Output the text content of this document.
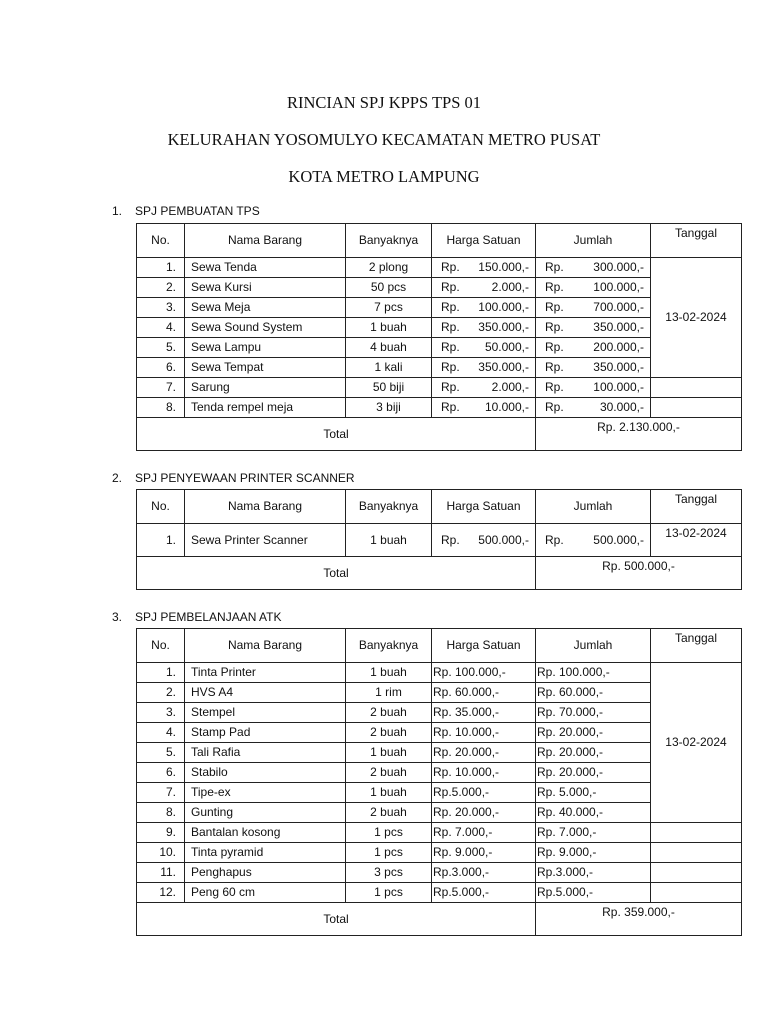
RINCIAN SPJ KPPS TPS 01
KELURAHAN YOSOMULYO KECAMATAN METRO PUSAT
KOTA METRO LAMPUNG
1. SPJ PEMBUATAN TPS
No.	Nama Barang	Banyaknya	Harga Satuan	Jumlah	Tanggal
1.	Sewa Tenda	2 plong	Rp. 150.000,-	Rp. 300.000,-	13-02-2024
2.	Sewa Kursi	50 pcs	Rp. 2.000,-	Rp. 100.000,-	

3.	Sewa Meja	7 pcs	Rp. 100.000,-	Rp. 700.000,-	

4.	Sewa Sound System	1 buah	Rp. 350.000,-	Rp. 350.000,-	

5.	Sewa Lampu	4 buah	Rp. 50.000,-	Rp. 200.000,-	

6.	Sewa Tempat	1 kali	Rp. 350.000,-	Rp. 350.000,-	

7.	Sarung	50 biji	Rp. 2.000,-	Rp. 100.000,-	

8.	Tenda rempel meja	3 biji	Rp. 10.000,-	Rp. 30.000,-	

Total				Rp. 2.130.000,-	
2. SPJ PENYEWAAN PRINTER SCANNER
No.	Nama Barang	Banyaknya	Harga Satuan	Jumlah	Tanggal
1.	Sewa Printer Scanner	1 buah	Rp. 500.000,-	Rp. 500.000,-	13-02-2024
Total				Rp. 500.000,-	
3. SPJ PEMBELANJAAN ATK
No.	Nama Barang	Banyaknya	Harga Satuan	Jumlah	Tanggal
1.	Tinta Printer	1 buah	Rp. 100.000,-	Rp. 100.000,-	13-02-2024
2.	HVS A4	1 rim	Rp. 60.000,-	Rp. 60.000,-	
3.	Stempel	2 buah	Rp. 35.000,-	Rp. 70.000,-	
4.	Stamp Pad	2 buah	Rp. 10.000,-	Rp. 20.000,-	
5.	Tali Rafia	1 buah	Rp. 20.000,-	Rp. 20.000,-	
6.	Stabilo	2 buah	Rp. 10.000,-	Rp. 20.000,-	
7.	Tipe-ex	1 buah	Rp.5.000,-	Rp. 5.000,-	
8.	Gunting	2 buah	Rp. 20.000,-	Rp. 40.000,-	
9.	Bantalan kosong	1 pcs	Rp. 7.000,-	Rp. 7.000,-	
10.	Tinta pyramid	1 pcs	Rp. 9.000,-	Rp. 9.000,-	
11.	Penghapus	3 pcs	Rp.3.000,-	Rp.3.000,-	
12.	Peng 60 cm	1 pcs	Rp.5.000,-	Rp.5.000,-	
Total				Rp. 359.000,-	
